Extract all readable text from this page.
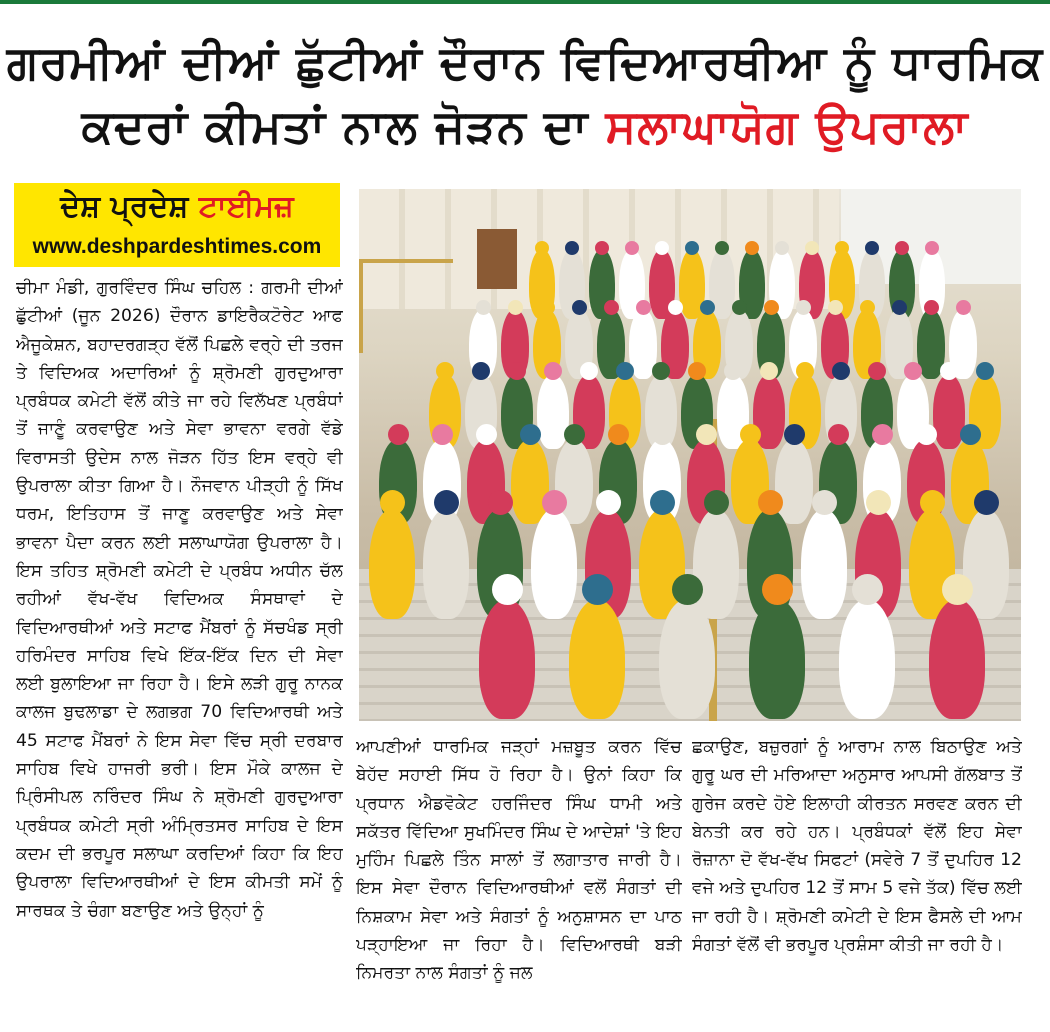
ਗਰਮੀਆਂ ਦੀਆਂ ਛੁੱਟੀਆਂ ਦੌਰਾਨ ਵਿਦਿਆਰਥੀਆ ਨੂੰ ਧਾਰਮਿਕ
ਕਦਰਾਂ ਕੀਮਤਾਂ ਨਾਲ ਜੋੜਨ ਦਾ ਸਲਾਘਾਯੋਗ ਉਪਰਾਲਾ
ਦੇਸ਼ ਪ੍ਰਦੇਸ਼ ਟਾਈਮਜ਼
www.deshpardeshtimes.com
ਚੀਮਾ ਮੰਡੀ, ਗੁਰਵਿੰਦਰ ਸਿੰਘ ਚਹਿਲ : ਗਰਮੀ ਦੀਆਂ ਛੁੱਟੀਆਂ (ਜੂਨ 2026) ਦੌਰਾਨ ਡਾਇਰੈਕਟੋਰੇਟ ਆਫ ਐਜੂਕੇਸ਼ਨ, ਬਹਾਦਰਗੜ੍ਹ ਵੱਲੋਂ ਪਿਛਲੇ ਵਰ੍ਹੇ ਦੀ ਤਰਜ ਤੇ ਵਿਦਿਅਕ ਅਦਾਰਿਆਂ ਨੂੰ ਸ਼੍ਰੋਮਣੀ ਗੁਰਦੁਆਰਾ ਪ੍ਰਬੰਧਕ ਕਮੇਟੀ ਵੱਲੋਂ ਕੀਤੇ ਜਾ ਰਹੇ ਵਿਲੱਖਣ ਪ੍ਰਬੰਧਾਂ ਤੋਂ ਜਾਣੂੰ ਕਰਵਾਉਣ ਅਤੇ ਸੇਵਾ ਭਾਵਨਾ ਵਰਗੇ ਵੱਡੇ ਵਿਰਾਸਤੀ ਉਦੇਸ ਨਾਲ ਜੋੜਨ ਹਿੱਤ ਇਸ ਵਰ੍ਹੇ ਵੀ ਉਪਰਾਲਾ ਕੀਤਾ ਗਿਆ ਹੈ। ਨੌਜਵਾਨ ਪੀੜ੍ਹੀ ਨੂੰ ਸਿੱਖ ਧਰਮ, ਇਤਿਹਾਸ ਤੋਂ ਜਾਣੂ ਕਰਵਾਉਣ ਅਤੇ ਸੇਵਾ ਭਾਵਨਾ ਪੈਦਾ ਕਰਨ ਲਈ ਸਲਾਘਾਯੋਗ ਉਪਰਾਲਾ ਹੈ। ਇਸ ਤਹਿਤ ਸ਼੍ਰੋਮਣੀ ਕਮੇਟੀ ਦੇ ਪ੍ਰਬੰਧ ਅਧੀਨ ਚੱਲ ਰਹੀਆਂ ਵੱਖ-ਵੱਖ ਵਿਦਿਅਕ ਸੰਸਥਾਵਾਂ ਦੇ ਵਿਦਿਆਰਥੀਆਂ ਅਤੇ ਸਟਾਫ ਮੈਂਬਰਾਂ ਨੂੰ ਸੱਚਖੰਡ ਸ੍ਰੀ ਹਰਿਮੰਦਰ ਸਾਹਿਬ ਵਿਖੇ ਇੱਕ-ਇੱਕ ਦਿਨ ਦੀ ਸੇਵਾ ਲਈ ਬੁਲਾਇਆ ਜਾ ਰਿਹਾ ਹੈ। ਇਸੇ ਲੜੀ ਗੁਰੂ ਨਾਨਕ ਕਾਲਜ ਬੁਢਲਾਡਾ ਦੇ ਲਗਭਗ 70 ਵਿਦਿਆਰਥੀ ਅਤੇ 45 ਸਟਾਫ ਮੈਂਬਰਾਂ ਨੇ ਇਸ ਸੇਵਾ ਵਿੱਚ ਸ੍ਰੀ ਦਰਬਾਰ ਸਾਹਿਬ ਵਿਖੇ ਹਾਜਰੀ ਭਰੀ। ਇਸ ਮੌਕੇ ਕਾਲਜ ਦੇ ਪ੍ਰਿੰਸੀਪਲ ਨਰਿੰਦਰ ਸਿੰਘ ਨੇ ਸ਼੍ਰੋਮਣੀ ਗੁਰਦੁਆਰਾ ਪ੍ਰਬੰਧਕ ਕਮੇਟੀ ਸ੍ਰੀ ਅੰਮ੍ਰਿਤਸਰ ਸਾਹਿਬ ਦੇ ਇਸ ਕਦਮ ਦੀ ਭਰਪੂਰ ਸਲਾਘਾ ਕਰਦਿਆਂ ਕਿਹਾ ਕਿ ਇਹ ਉਪਰਾਲਾ ਵਿਦਿਆਰਥੀਆਂ ਦੇ ਇਸ ਕੀਮਤੀ ਸਮੇਂ ਨੂੰ ਸਾਰਥਕ ਤੇ ਚੰਗਾ ਬਣਾਉਣ ਅਤੇ ਉਨ੍ਹਾਂ ਨੂੰ
ਆਪਣੀਆਂ ਧਾਰਮਿਕ ਜੜ੍ਹਾਂ ਮਜ਼ਬੂਤ ਕਰਨ ਵਿੱਚ ਬੇਹੱਦ ਸਹਾਈ ਸਿੱਧ ਹੋ ਰਿਹਾ ਹੈ। ਉਨਾਂ ਕਿਹਾ ਕਿ ਪ੍ਰਧਾਨ ਐਡਵੋਕੇਟ ਹਰਜਿੰਦਰ ਸਿੰਘ ਧਾਮੀ ਅਤੇ ਸਕੱਤਰ ਵਿੱਦਿਆ ਸੁਖਮਿੰਦਰ ਸਿੰਘ ਦੇ ਆਦੇਸ਼ਾਂ 'ਤੇ ਇਹ ਮੁਹਿੰਮ ਪਿਛਲੇ ਤਿੰਨ ਸਾਲਾਂ ਤੋਂ ਲਗਾਤਾਰ ਜਾਰੀ ਹੈ। ਇਸ ਸੇਵਾ ਦੌਰਾਨ ਵਿਦਿਆਰਥੀਆਂ ਵਲੋਂ ਸੰਗਤਾਂ ਦੀ ਨਿਸ਼ਕਾਮ ਸੇਵਾ ਅਤੇ ਸੰਗਤਾਂ ਨੂੰ ਅਨੁਸ਼ਾਸਨ ਦਾ ਪਾਠ ਪੜ੍ਹਾਇਆ ਜਾ ਰਿਹਾ ਹੈ। ਵਿਦਿਆਰਥੀ ਬੜੀ ਨਿਮਰਤਾ ਨਾਲ ਸੰਗਤਾਂ ਨੂੰ ਜਲ
ਛਕਾਉਣ, ਬਜ਼ੁਰਗਾਂ ਨੂੰ ਆਰਾਮ ਨਾਲ ਬਿਠਾਉਣ ਅਤੇ ਗੁਰੂ ਘਰ ਦੀ ਮਰਿਆਦਾ ਅਨੁਸਾਰ ਆਪਸੀ ਗੱਲਬਾਤ ਤੋਂ ਗੁਰੇਜ ਕਰਦੇ ਹੋਏ ਇਲਾਹੀ ਕੀਰਤਨ ਸਰਵਣ ਕਰਨ ਦੀ ਬੇਨਤੀ ਕਰ ਰਹੇ ਹਨ। ਪ੍ਰਬੰਧਕਾਂ ਵੱਲੋਂ ਇਹ ਸੇਵਾ ਰੋਜ਼ਾਨਾ ਦੋ ਵੱਖ-ਵੱਖ ਸਿਫਟਾਂ (ਸਵੇਰੇ 7 ਤੋਂ ਦੁਪਹਿਰ 12 ਵਜੇ ਅਤੇ ਦੁਪਹਿਰ 12 ਤੋਂ ਸਾਮ 5 ਵਜੇ ਤੱਕ) ਵਿੱਚ ਲਈ ਜਾ ਰਹੀ ਹੈ। ਸ਼੍ਰੋਮਣੀ ਕਮੇਟੀ ਦੇ ਇਸ ਫੈਸਲੇ ਦੀ ਆਮ ਸੰਗਤਾਂ ਵੱਲੋਂ ਵੀ ਭਰਪੂਰ ਪ੍ਰਸ਼ੰਸਾ ਕੀਤੀ ਜਾ ਰਹੀ ਹੈ।
